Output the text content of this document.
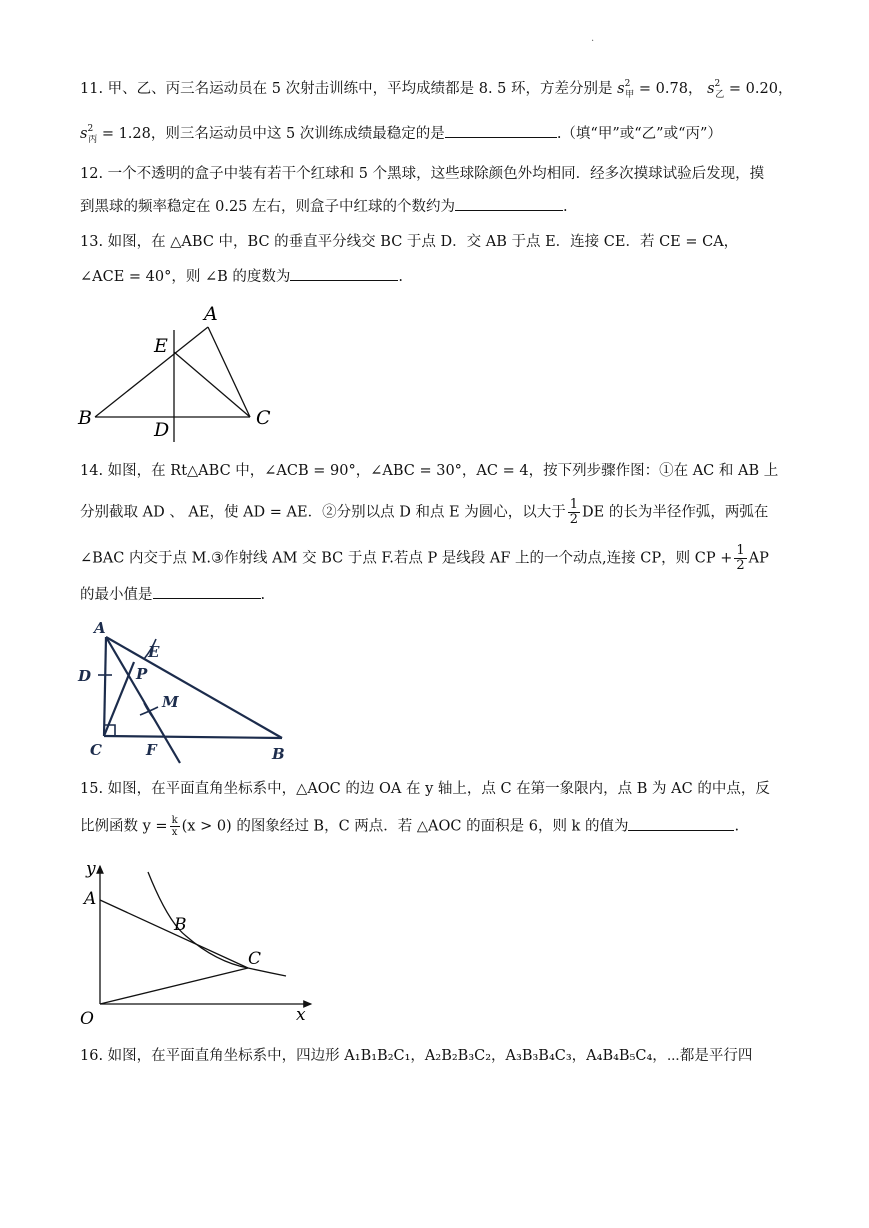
.
11. 甲、乙、丙三名运动员在 5 次射击训练中，平均成绩都是 8. 5 环，方差分别是 $s^2_甲 = 0.78$， $s^2_乙 = 0.20$，
$s^2_丙 = 1.28$，则三名运动员中这 5 次训练成绩最稳定的是	.（填“甲”或“乙”或“丙”）
12. 一个不透明的盒子中装有若干个红球和 5 个黑球，这些球除颜色外均相同．经多次摸球试验后发现，摸
到黑球的频率稳定在 0.25 左右，则盒子中红球的个数约为	.
13. 如图，在 △ABC 中，BC 的垂直平分线交 BC 于点 D．交 AB 于点 E．连接 CE．若 CE = CA，
∠ACE = 40°，则 ∠B 的度数为	.
A
B	C
D
E
14. 如图，在 Rt△ABC 中，∠ACB = 90°，∠ABC = 30°，AC = 4，按下列步骤作图：①在 AC 和 AB 上
分别截取 AD 、 AE，使 AD = AE．②分别以点 D 和点 E 为圆心，以大于 $\frac{1}{2}$ DE 的长为半径作弧，两弧在
∠BAC 内交于点 M.③作射线 AM 交 BC 于点 F.若点 P 是线段 AF 上的一个动点,连接 CP，则 CP + $\frac{1}{2}$ AP
的最小值是	.
A
B
C
D
E
F
M
P
15. 如图，在平面直角坐标系中，△AOC 的边 OA 在 y 轴上，点 C 在第一象限内，点 B 为 AC 的中点，反
比例函数 $y = \frac{k}{x} (x > 0)$ 的图象经过 B，C 两点．若 △AOC 的面积是 6，则 k 的值为	.
y
x
O
A
B
C
16. 如图，在平面直角坐标系中，四边形 A₁B₁B₂C₁，A₂B₂B₃C₂，A₃B₃B₄C₃，A₄B₄B₅C₄，⋯都是平行四
